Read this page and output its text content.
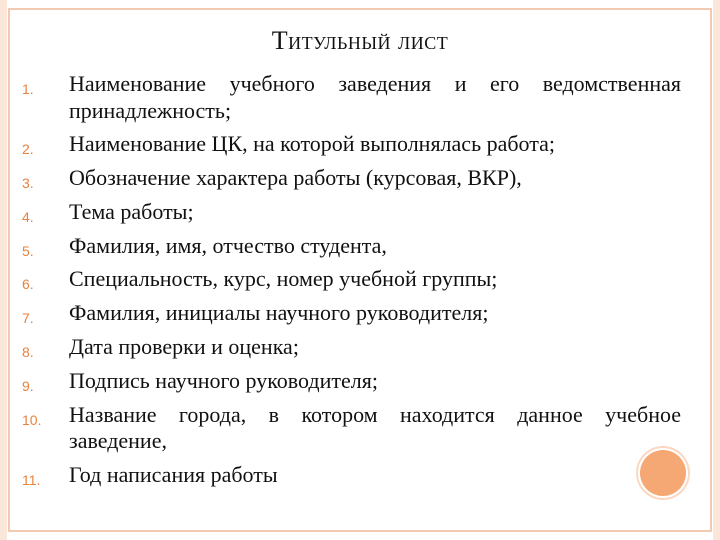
Титульный лист
1. Наименование учебного заведения и его ведомственная принадлежность;
2. Наименование ЦК, на которой выполнялась работа;
3. Обозначение характера работы (курсовая, ВКР),
4. Тема работы;
5. Фамилия, имя, отчество студента,
6. Специальность, курс, номер учебной группы;
7. Фамилия, инициалы научного руководителя;
8. Дата проверки и оценка;
9. Подпись научного руководителя;
10. Название города, в котором находится данное учебное заведение,
11. Год написания работы
